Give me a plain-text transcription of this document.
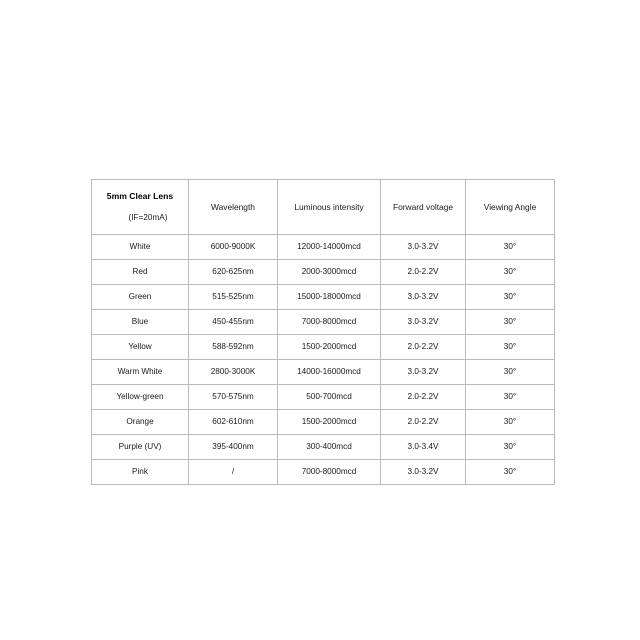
5mm Clear Lens
(IF=20mA)	Wavelength	Luminous intensity	Forward voltage	Viewing Angle

White	6000-9000K	12000-14000mcd	3.0-3.2V	30°
Red	620-625nm	2000-3000mcd	2.0-2.2V	30°
Green	515-525nm	15000-18000mcd	3.0-3.2V	30°
Blue	450-455nm	7000-8000mcd	3.0-3.2V	30°
Yellow	588-592nm	1500-2000mcd	2.0-2.2V	30°
Warm White	2800-3000K	14000-16000mcd	3.0-3.2V	30°
Yellow-green	570-575nm	500-700mcd	2.0-2.2V	30°
Orange	602-610nm	1500-2000mcd	2.0-2.2V	30°
Purple (UV)	395-400nm	300-400mcd	3.0-3.4V	30°
Pink	/	7000-8000mcd	3.0-3.2V	30°
